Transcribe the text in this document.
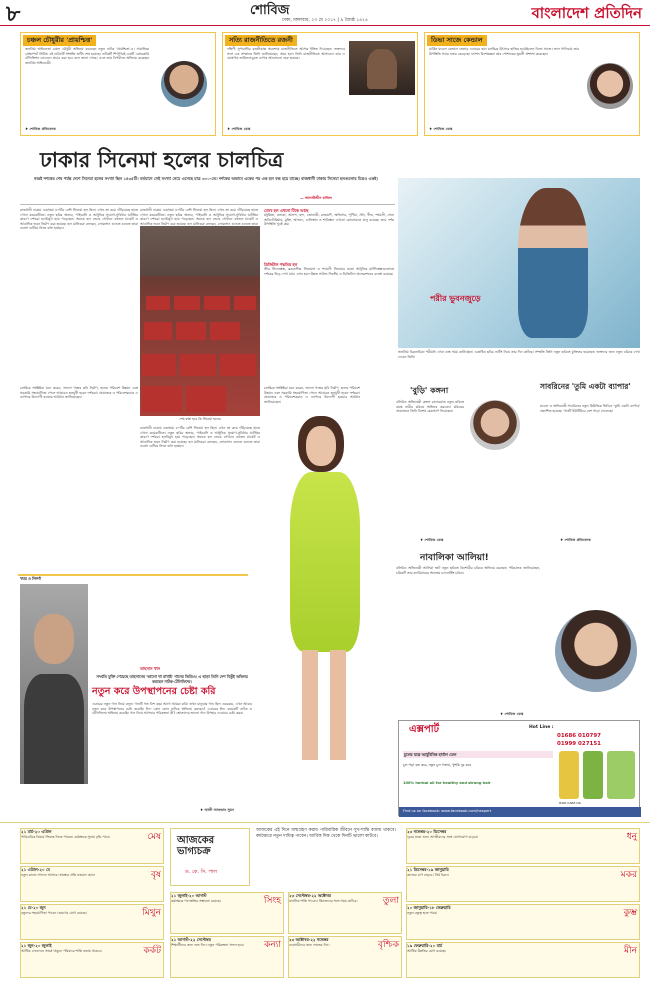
৮	শোবিজ
ঢাকা, মঙ্গলবার, ২৩ মে ২০১৭ | ৯ জ্যৈষ্ঠ ১৪২৪	বাংলাদেশ প্রতিদিন
চঞ্চল চৌধুরীর 'প্রায়শ্চিত্ত'
জনপ্রিয় অভিনেতা চঞ্চল চৌধুরী অভিনয় করেছেন নতুন নাটক 'প্রায়শ্চিত্ত'-এ। সামাজিক প্রেক্ষাপটে নির্মিত এই নাটকটি সম্প্রতি শুটিং শেষ হয়েছে। নাটকটি শিগগিরই একটি বেসরকারি টেলিভিশন চ্যানেলে প্রচার করা হবে বলে জানা গেছে। এতে তার বিপরীতে অভিনয় করেছেন জনপ্রিয় অভিনেত্রী।
♦ শোবিজ প্রতিবেদক
সত্যি রাজনীতিতে রজনী
দক্ষিণী সুপারস্টার রজনীকান্ত অবশেষে রাজনীতিতে আসার ইঙ্গিত দিয়েছেন। ভক্তদের সঙ্গে এক সাক্ষাতে তিনি জানিয়েছেন, সময় হলে তিনি রাজনীতিতে আসবেন। তার এ ঘোষণায় তামিলনাড়ুতে ব্যাপক আলোচনা শুরু হয়েছে।
♦ শোবিজ ডেস্ক
ডিভা সাজে কেন্ডাল
মার্কিন মডেল কেন্ডাল জেনার এবারের কান চলচ্চিত্র উৎসবে হাজির হয়েছিলেন ডিভা সাজে। লাল গালিচায় তার উপস্থিতি সবার নজর কেড়েছে। ফ্যাশন বিশেষজ্ঞরা তার পোশাকের ভূয়সী প্রশংসা করেছেন।
♦ শোবিজ ডেস্ক
ঢাকার সিনেমা হলের চালচিত্র
নব্বই দশকের শেষ পর্যন্ত দেশে সিনেমা হলের সংখ্যা ছিল ১৪৩৫টি। বর্তমানে সেই সংখ্যা নেমে এসেছে মাত্র ৩০০-তে। দর্শকের অভাবে একের পর এক হল বন্ধ হয়ে যাচ্ছে। রাজধানী ঢাকার সিনেমা হলগুলোর চিত্রও একই।
— আলাউদ্দীন মাজিদ
রাজধানী ঢাকায় একসময় ৪০টির বেশি সিনেমা হল ছিল। এখন তা কমে দাঁড়িয়েছে হাতে গোনা কয়েকটিতে। নতুন ছবির অভাব, পাইরেসি ও আধুনিক সুযোগ-সুবিধার ঘাটতির কারণে দর্শকরা হলবিমুখ হয়ে পড়েছেন। অনেক হল ভেঙে সেখানে বহুতল মার্কেট ও আবাসিক ভবন নির্মাণ করা হয়েছে। হল মালিকরা বলছেন, লোকসান গুনতে গুনতে তারা ব্যবসা গুটিয়ে নিতে বাধ্য হচ্ছেন।
রাজধানী ঢাকায় একসময় ৪০টির বেশি সিনেমা হল ছিল। এখন তা কমে দাঁড়িয়েছে হাতে গোনা কয়েকটিতে। নতুন ছবির অভাব, পাইরেসি ও আধুনিক সুযোগ-সুবিধার ঘাটতির কারণে দর্শকরা হলবিমুখ হয়ে পড়েছেন। অনেক হল ভেঙে সেখানে বহুতল মার্কেট ও আবাসিক ভবন নির্মাণ করা হয়েছে। হল মালিকরা বলছেন, লোকসান গুনতে গুনতে তারা
যেসব হল এখনো টিকে আছে
মধুমিতা, বলাকা, আনন্দ, ছন্দ, জোনাকী, রাজমণি, অভিসার, পূর্ণিমা, সনি, গীত, শ্যামলী, সেনা অডিটোরিয়াম, মুক্তি, আজাদ, গুলিস্তান ও শাবিস্তান এখনো কোনোমতে চালু রয়েছে। তবে দর্শক উপস্থিতি খুবই কম।
ডিজিটাল পদ্ধতির হল
স্টার সিনেপ্লেক্স, ব্লকবাস্টার সিনেমাস ও শ্যামলী সিনেমার মতো আধুনিক মাল্টিপ্লেক্সগুলোতে দর্শকের ভিড় দেখা যায়। এসব হলে উন্নত সাউন্ড সিস্টেম ও ডিজিটাল প্রজেকশনের ব্যবস্থা রয়েছে।
শেষ রক্ষা হবে কি সিনেমা হলের
চলচ্চিত্র সংশ্লিষ্টরা মনে করেন, ভালো গল্পের ছবি নির্মাণ, হলের পরিবেশ উন্নয়ন এবং সরকারি সহযোগিতা পেলে আবারও হলমুখী হবেন দর্শকরা। প্রযোজক ও পরিবেশকরাও এ ব্যাপারে উদ্যোগী হওয়ার আহ্বান জানিয়েছেন।
চলচ্চিত্র সংশ্লিষ্টরা মনে করেন, ভালো গল্পের ছবি নির্মাণ, হলের পরিবেশ উন্নয়ন এবং সরকারি সহযোগিতা পেলে আবারও হলমুখী হবেন দর্শকরা। প্রযোজক ও পরিবেশকরাও এ ব্যাপারে উদ্যোগী হওয়ার আহ্বান জানিয়েছেন।
রাজধানী ঢাকায় একসময় ৪০টির বেশি সিনেমা হল ছিল। এখন তা কমে দাঁড়িয়েছে হাতে গোনা কয়েকটিতে। নতুন ছবির অভাব, পাইরেসি ও আধুনিক সুযোগ-সুবিধার ঘাটতির কারণে দর্শকরা হলবিমুখ হয়ে পড়েছেন। অনেক হল ভেঙে সেখানে বহুতল মার্কেট ও আবাসিক ভবন নির্মাণ করা হয়েছে। হল মালিকরা বলছেন, লোকসান গুনতে গুনতে তারা ব্যবসা গুটিয়ে নিতে বাধ্য হচ্ছেন।
পরীর ভুবনজুড়ে
জনপ্রিয় চিত্রনায়িকা পরীমনি এখন ব্যস্ত সময় কাটাচ্ছেন। একাধিক ছবির শুটিং নিয়ে তার দিন কাটছে। সম্প্রতি তিনি নতুন ছবিতে চুক্তিবদ্ধ হয়েছেন। ভক্তদের জন্য নতুন চরিত্রে দেখা দেবেন তিনি।
'বুড়ি' কঙ্গনা
বলিউড অভিনেত্রী কঙ্গনা রানাওয়াত নতুন ছবিতে বয়স্ক নারীর চরিত্রে অভিনয় করবেন। চরিত্রের প্রয়োজনে তিনি বিশেষ মেকআপ নিয়েছেন।
♦ শোবিজ ডেস্ক
সাবরিনের 'তুমি একটা ব্যাপার'
মডেল ও অভিনেত্রী সাবরিনের নতুন মিউজিক ভিডিও 'তুমি একটা ব্যাপার' প্রকাশিত হয়েছে। গানটি ইউটিউবে বেশ সাড়া ফেলেছে।
♦ শোবিজ প্রতিবেদক
নাবালিকা আলিয়া!
বলিউড অভিনেত্রী আলিয়া ভাট নতুন ছবিতে কিশোরীর চরিত্রে অভিনয় করছেন। পরিচালক জানিয়েছেন, চরিত্রটি তার ক্যারিয়ারের অন্যতম চ্যালেঞ্জিং চরিত্র।
♦ শোবিজ ডেস্ক
খবর ও নিদর্শা
তাহসান খান
সম্প্রতি মুক্তি পেয়েছে তাহসানের 'ভালো থা রাখাই' গানের ভিডিও। এ ছাড়া তিনি দেশ বিভুঁই অভিনয় করছেন নাটক-টেলিফিল্মে।
নতুন করে উপস্থাপনের চেষ্টা করি
এবারের নতুন গান নিয়ে বলুন। গানটি গত বিশ বছর আগে আমরা করি। তখন মানুষের গান ছিল একরকম, এখন আবার নতুন করে উপস্থাপনের চেষ্টা করেছি। ঈদে কোন কোন নাটকে অভিনয় করছেন? এবারের ঈদে কয়েকটি নাটক ও টেলিফিল্মে অভিনয় করেছি। গান নিয়ে আপনার পরিকল্পনা কী? শ্রোতাদের ভালো গান উপহার দেওয়ার চেষ্টা করব।
♦ আলী আফতাব সুমন
এক্সপার্ট	Hot Line :
01686 010797
01999 027151
চুলের যত্নে আর্যুরিবিক হার্বাল তেল
চুল পড়া বন্ধ করে, নতুন চুল গজায়, খুশকি দূর করে
100% herbal oil for healthy and strong hair
HAIR CARE OIL
Find us on facebook: www.facebook.com/hexpert
আজকের ভাগ্যচক্র
ড. কে. সি. পাল
আজকের এই দিনে জন্মগ্রহণ করায় পারিবারিক জীবনে সুখ-শান্তি বজায় থাকবে। কর্মক্ষেত্রে নতুন দায়িত্ব পাবেন। আর্থিক দিক থেকে দিনটি ভালো কাটবে।
২১ মার্চ-২০ এপ্রিল
পারিবারিক বিষয়ে সিদ্ধান্ত নিতে পারেন। কর্মক্ষেত্রে সুনাম বৃদ্ধি পাবে।	মেষ
২১ এপ্রিল-২০ মে
নতুন কাজে সাফল্য আসবে। স্বাস্থ্যের প্রতি যত্নবান হোন।	বৃষ
২১ মে-২০ জুন
বন্ধুদের সহযোগিতা পাবেন। ভ্রমণের যোগ রয়েছে।	মিথুন
২১ জুন-২০ জুলাই
আর্থিক লেনদেনে সতর্ক থাকুন। পরিবারে শান্তি বজায় থাকবে।	কর্কট
২১ জুলাই-২০ আগস্ট
কর্মক্ষেত্রে পদোন্নতির সম্ভাবনা রয়েছে।	সিংহ
২১ আগস্ট-২২ সেপ্টেম্বর
শিক্ষার্থীদের জন্য শুভ দিন। নতুন পরিকল্পনা সফল হবে।	কন্যা
২৩ সেপ্টেম্বর-২২ অক্টোবর
মানসিক শান্তি পাবেন। প্রিয়জনের সঙ্গে সময় কাটবে।	তুলা
২৩ অক্টোবর-২২ নভেম্বর
ব্যবসায়ীদের জন্য লাভের দিন।	বৃশ্চিক
২৩ নভেম্বর-২০ ডিসেম্বর
দূরের যাত্রা শুভ। আত্মীয়দের সঙ্গে যোগাযোগ বাড়বে।	ধনু
২১ ডিসেম্বর-১৯ জানুয়ারি
কাজের চাপ বাড়বে। ধৈর্য ধরুন।	মকর
২০ জানুয়ারি-১৮ ফেব্রুয়ারি
নতুন বন্ধুত্ব হতে পারে।	কুম্ভ
১৯ ফেব্রুয়ারি-২০ মার্চ
আর্থিক উন্নতির যোগ রয়েছে।	মীন
